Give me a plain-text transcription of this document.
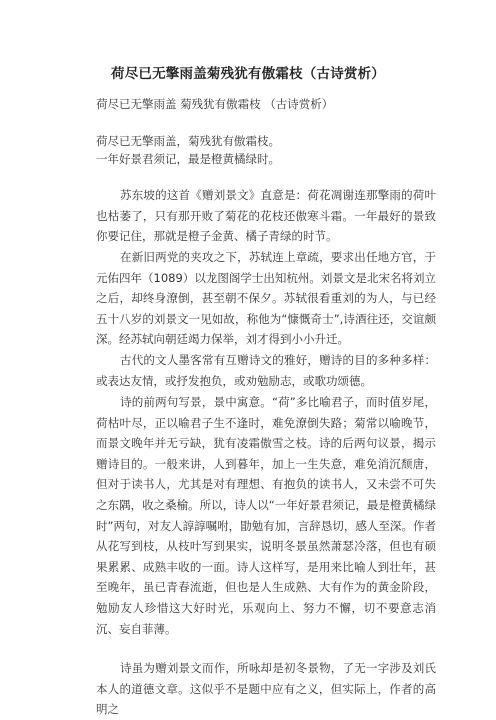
荷尽已无擎雨盖菊残犹有傲霜枝（古诗赏析）
荷尽已无擎雨盖 菊残犹有傲霜枝 （古诗赏析）
荷尽已无擎雨盖，菊残犹有傲霜枝。
一年好景君须记，最是橙黄橘绿时。
苏东坡的这首《赠刘景文》直意是：荷花凋谢连那擎雨的荷叶也枯萎了，只有那开败了菊花的花枝还傲寒斗霜。一年最好的景致你要记住，那就是橙子金黄、橘子青绿的时节。
在新旧两党的夹攻之下，苏轼连上章疏，要求出任地方官，于元佑四年（1089）以龙图阁学士出知杭州。刘景文是北宋名将刘立之后，却终身潦倒，甚至朝不保夕。苏轼很看重刘的为人，与已经五十八岁的刘景文一见如故，称他为“慷慨奇士”,诗酒往还，交谊颇深。经苏轼向朝廷竭力保举，刘才得到小小升迁。
古代的文人墨客常有互赠诗文的雅好，赠诗的目的多种多样：或表达友情，或抒发抱负，或劝勉励志，或歌功颂德。
诗的前两句写景，景中寓意。“荷”多比喻君子，而时值岁尾，荷枯叶尽，正以喻君子生不逢时，难免潦倒失路；菊常以喻晚节，而景文晚年并无亏缺，犹有凌霜傲雪之枝。诗的后两句议景，揭示赠诗目的。一般来讲，人到暮年，加上一生失意，难免消沉颓唐，但对于读书人，尤其是对有理想、有抱负的读书人，又未尝不可失之东隅，收之桑榆。所以，诗人以“一年好景君须记，最是橙黄橘绿时”两句，对友人諄諄嘱咐，勖勉有加，言辞恳切，感人至深。作者从花写到枝，从枝叶写到果实，说明冬景虽然萧瑟冷落，但也有硕果累累、成熟丰收的一面。诗人这样写，是用来比喻人到壮年，甚至晚年，虽已青春流逝，但也是人生成熟、大有作为的黄金阶段，勉励友人珍惜这大好时光，乐观向上、努力不懈，切不要意志消沉、妄自菲薄。
诗虽为赠刘景文而作，所咏却是初冬景物，了无一字涉及刘氏本人的道德文章。这似乎不是题中应有之义，但实际上，作者的高明之
